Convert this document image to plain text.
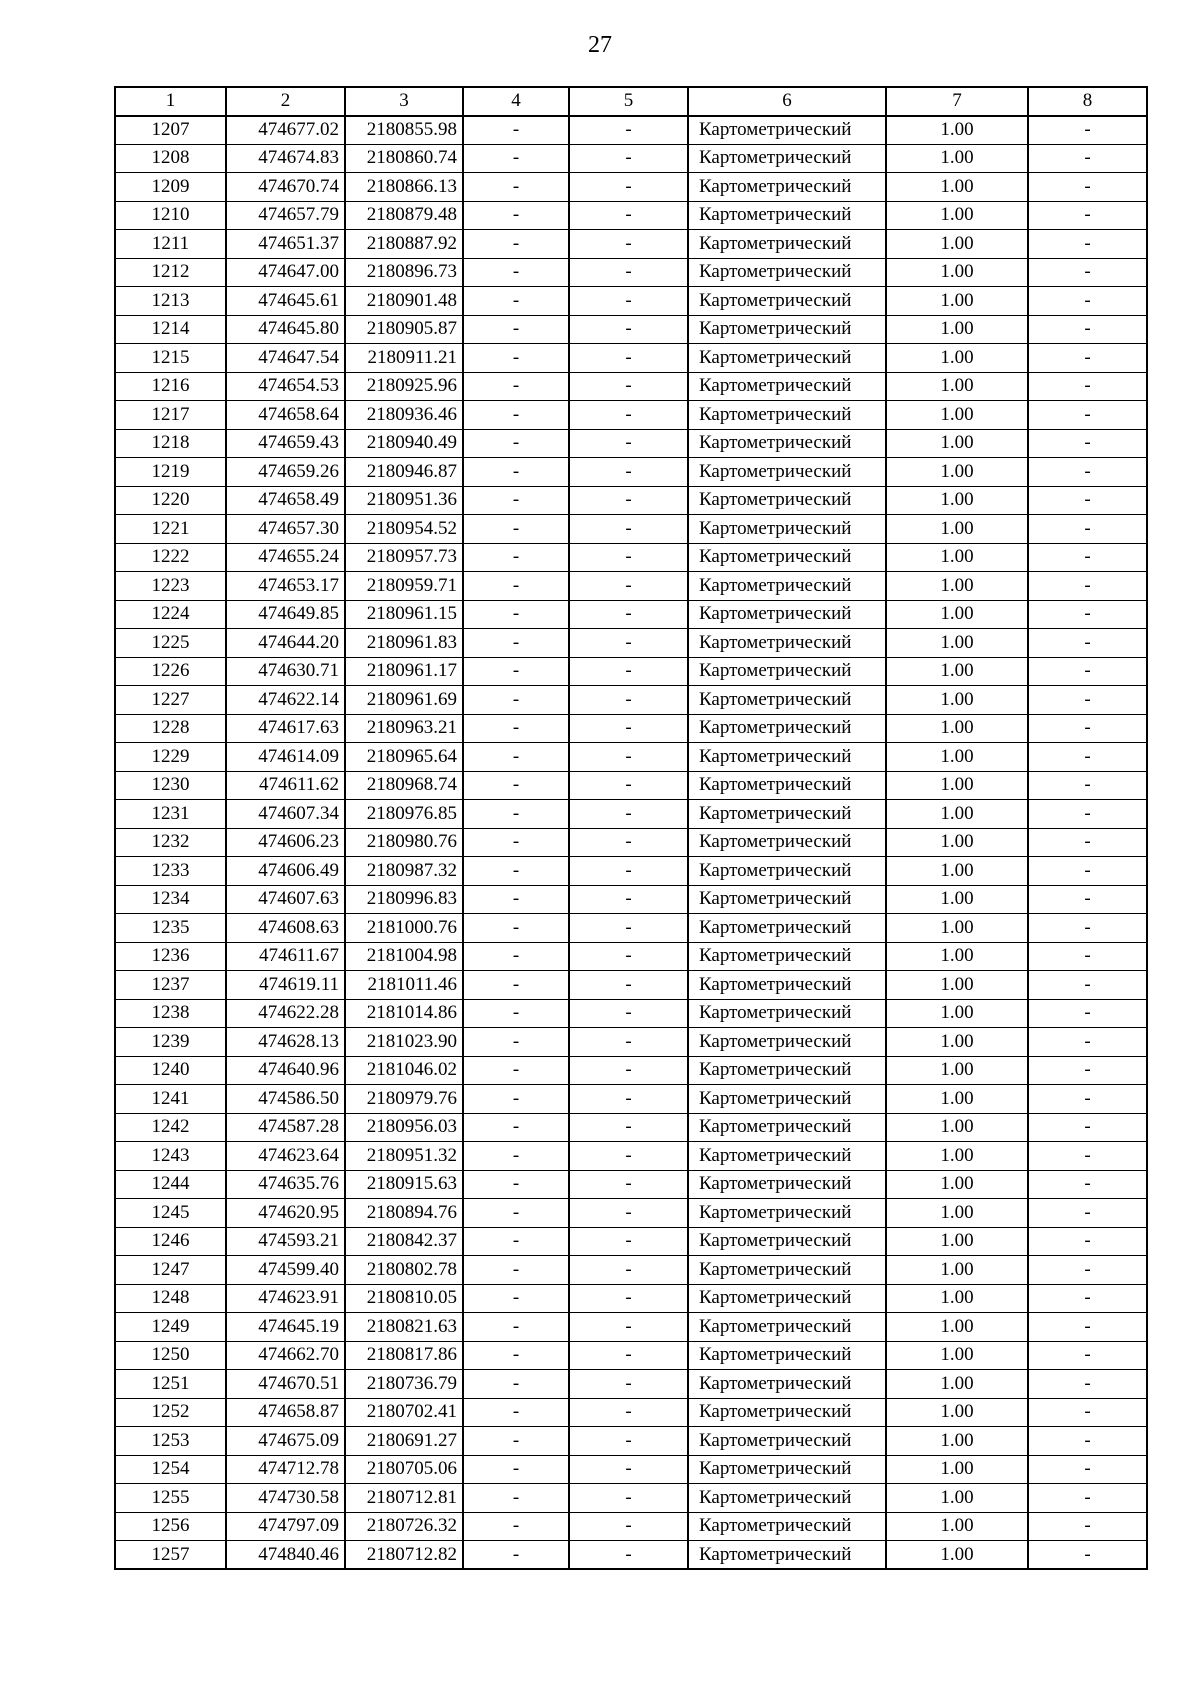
27
1	2	3	4	5	6	7	8
1207	474677.02	2180855.98	-	-	Картометрический	1.00	-
1208	474674.83	2180860.74	-	-	Картометрический	1.00	-
1209	474670.74	2180866.13	-	-	Картометрический	1.00	-
1210	474657.79	2180879.48	-	-	Картометрический	1.00	-
1211	474651.37	2180887.92	-	-	Картометрический	1.00	-
1212	474647.00	2180896.73	-	-	Картометрический	1.00	-
1213	474645.61	2180901.48	-	-	Картометрический	1.00	-
1214	474645.80	2180905.87	-	-	Картометрический	1.00	-
1215	474647.54	2180911.21	-	-	Картометрический	1.00	-
1216	474654.53	2180925.96	-	-	Картометрический	1.00	-
1217	474658.64	2180936.46	-	-	Картометрический	1.00	-
1218	474659.43	2180940.49	-	-	Картометрический	1.00	-
1219	474659.26	2180946.87	-	-	Картометрический	1.00	-
1220	474658.49	2180951.36	-	-	Картометрический	1.00	-
1221	474657.30	2180954.52	-	-	Картометрический	1.00	-
1222	474655.24	2180957.73	-	-	Картометрический	1.00	-
1223	474653.17	2180959.71	-	-	Картометрический	1.00	-
1224	474649.85	2180961.15	-	-	Картометрический	1.00	-
1225	474644.20	2180961.83	-	-	Картометрический	1.00	-
1226	474630.71	2180961.17	-	-	Картометрический	1.00	-
1227	474622.14	2180961.69	-	-	Картометрический	1.00	-
1228	474617.63	2180963.21	-	-	Картометрический	1.00	-
1229	474614.09	2180965.64	-	-	Картометрический	1.00	-
1230	474611.62	2180968.74	-	-	Картометрический	1.00	-
1231	474607.34	2180976.85	-	-	Картометрический	1.00	-
1232	474606.23	2180980.76	-	-	Картометрический	1.00	-
1233	474606.49	2180987.32	-	-	Картометрический	1.00	-
1234	474607.63	2180996.83	-	-	Картометрический	1.00	-
1235	474608.63	2181000.76	-	-	Картометрический	1.00	-
1236	474611.67	2181004.98	-	-	Картометрический	1.00	-
1237	474619.11	2181011.46	-	-	Картометрический	1.00	-
1238	474622.28	2181014.86	-	-	Картометрический	1.00	-
1239	474628.13	2181023.90	-	-	Картометрический	1.00	-
1240	474640.96	2181046.02	-	-	Картометрический	1.00	-
1241	474586.50	2180979.76	-	-	Картометрический	1.00	-
1242	474587.28	2180956.03	-	-	Картометрический	1.00	-
1243	474623.64	2180951.32	-	-	Картометрический	1.00	-
1244	474635.76	2180915.63	-	-	Картометрический	1.00	-
1245	474620.95	2180894.76	-	-	Картометрический	1.00	-
1246	474593.21	2180842.37	-	-	Картометрический	1.00	-
1247	474599.40	2180802.78	-	-	Картометрический	1.00	-
1248	474623.91	2180810.05	-	-	Картометрический	1.00	-
1249	474645.19	2180821.63	-	-	Картометрический	1.00	-
1250	474662.70	2180817.86	-	-	Картометрический	1.00	-
1251	474670.51	2180736.79	-	-	Картометрический	1.00	-
1252	474658.87	2180702.41	-	-	Картометрический	1.00	-
1253	474675.09	2180691.27	-	-	Картометрический	1.00	-
1254	474712.78	2180705.06	-	-	Картометрический	1.00	-
1255	474730.58	2180712.81	-	-	Картометрический	1.00	-
1256	474797.09	2180726.32	-	-	Картометрический	1.00	-
1257	474840.46	2180712.82	-	-	Картометрический	1.00	-
